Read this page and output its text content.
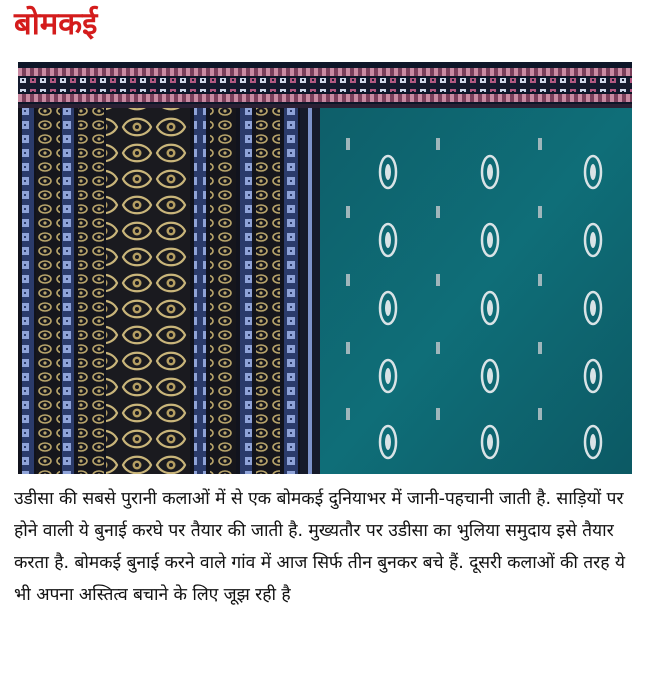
बोमकई

उडीसा की सबसे पुरानी कलाओं में से एक बोमकई दुनियाभर में जानी-पहचानी जाती है. साड़ियों पर होने वाली ये बुनाई करघे पर तैयार की जाती है. मुख्यतौर पर उडीसा का भुलिया समुदाय इसे तैयार करता है. बोमकई बुनाई करने वाले गांव में आज सिर्फ तीन बुनकर बचे हैं. दूसरी कलाओं की तरह ये भी अपना अस्तित्व बचाने के लिए जूझ रही है
